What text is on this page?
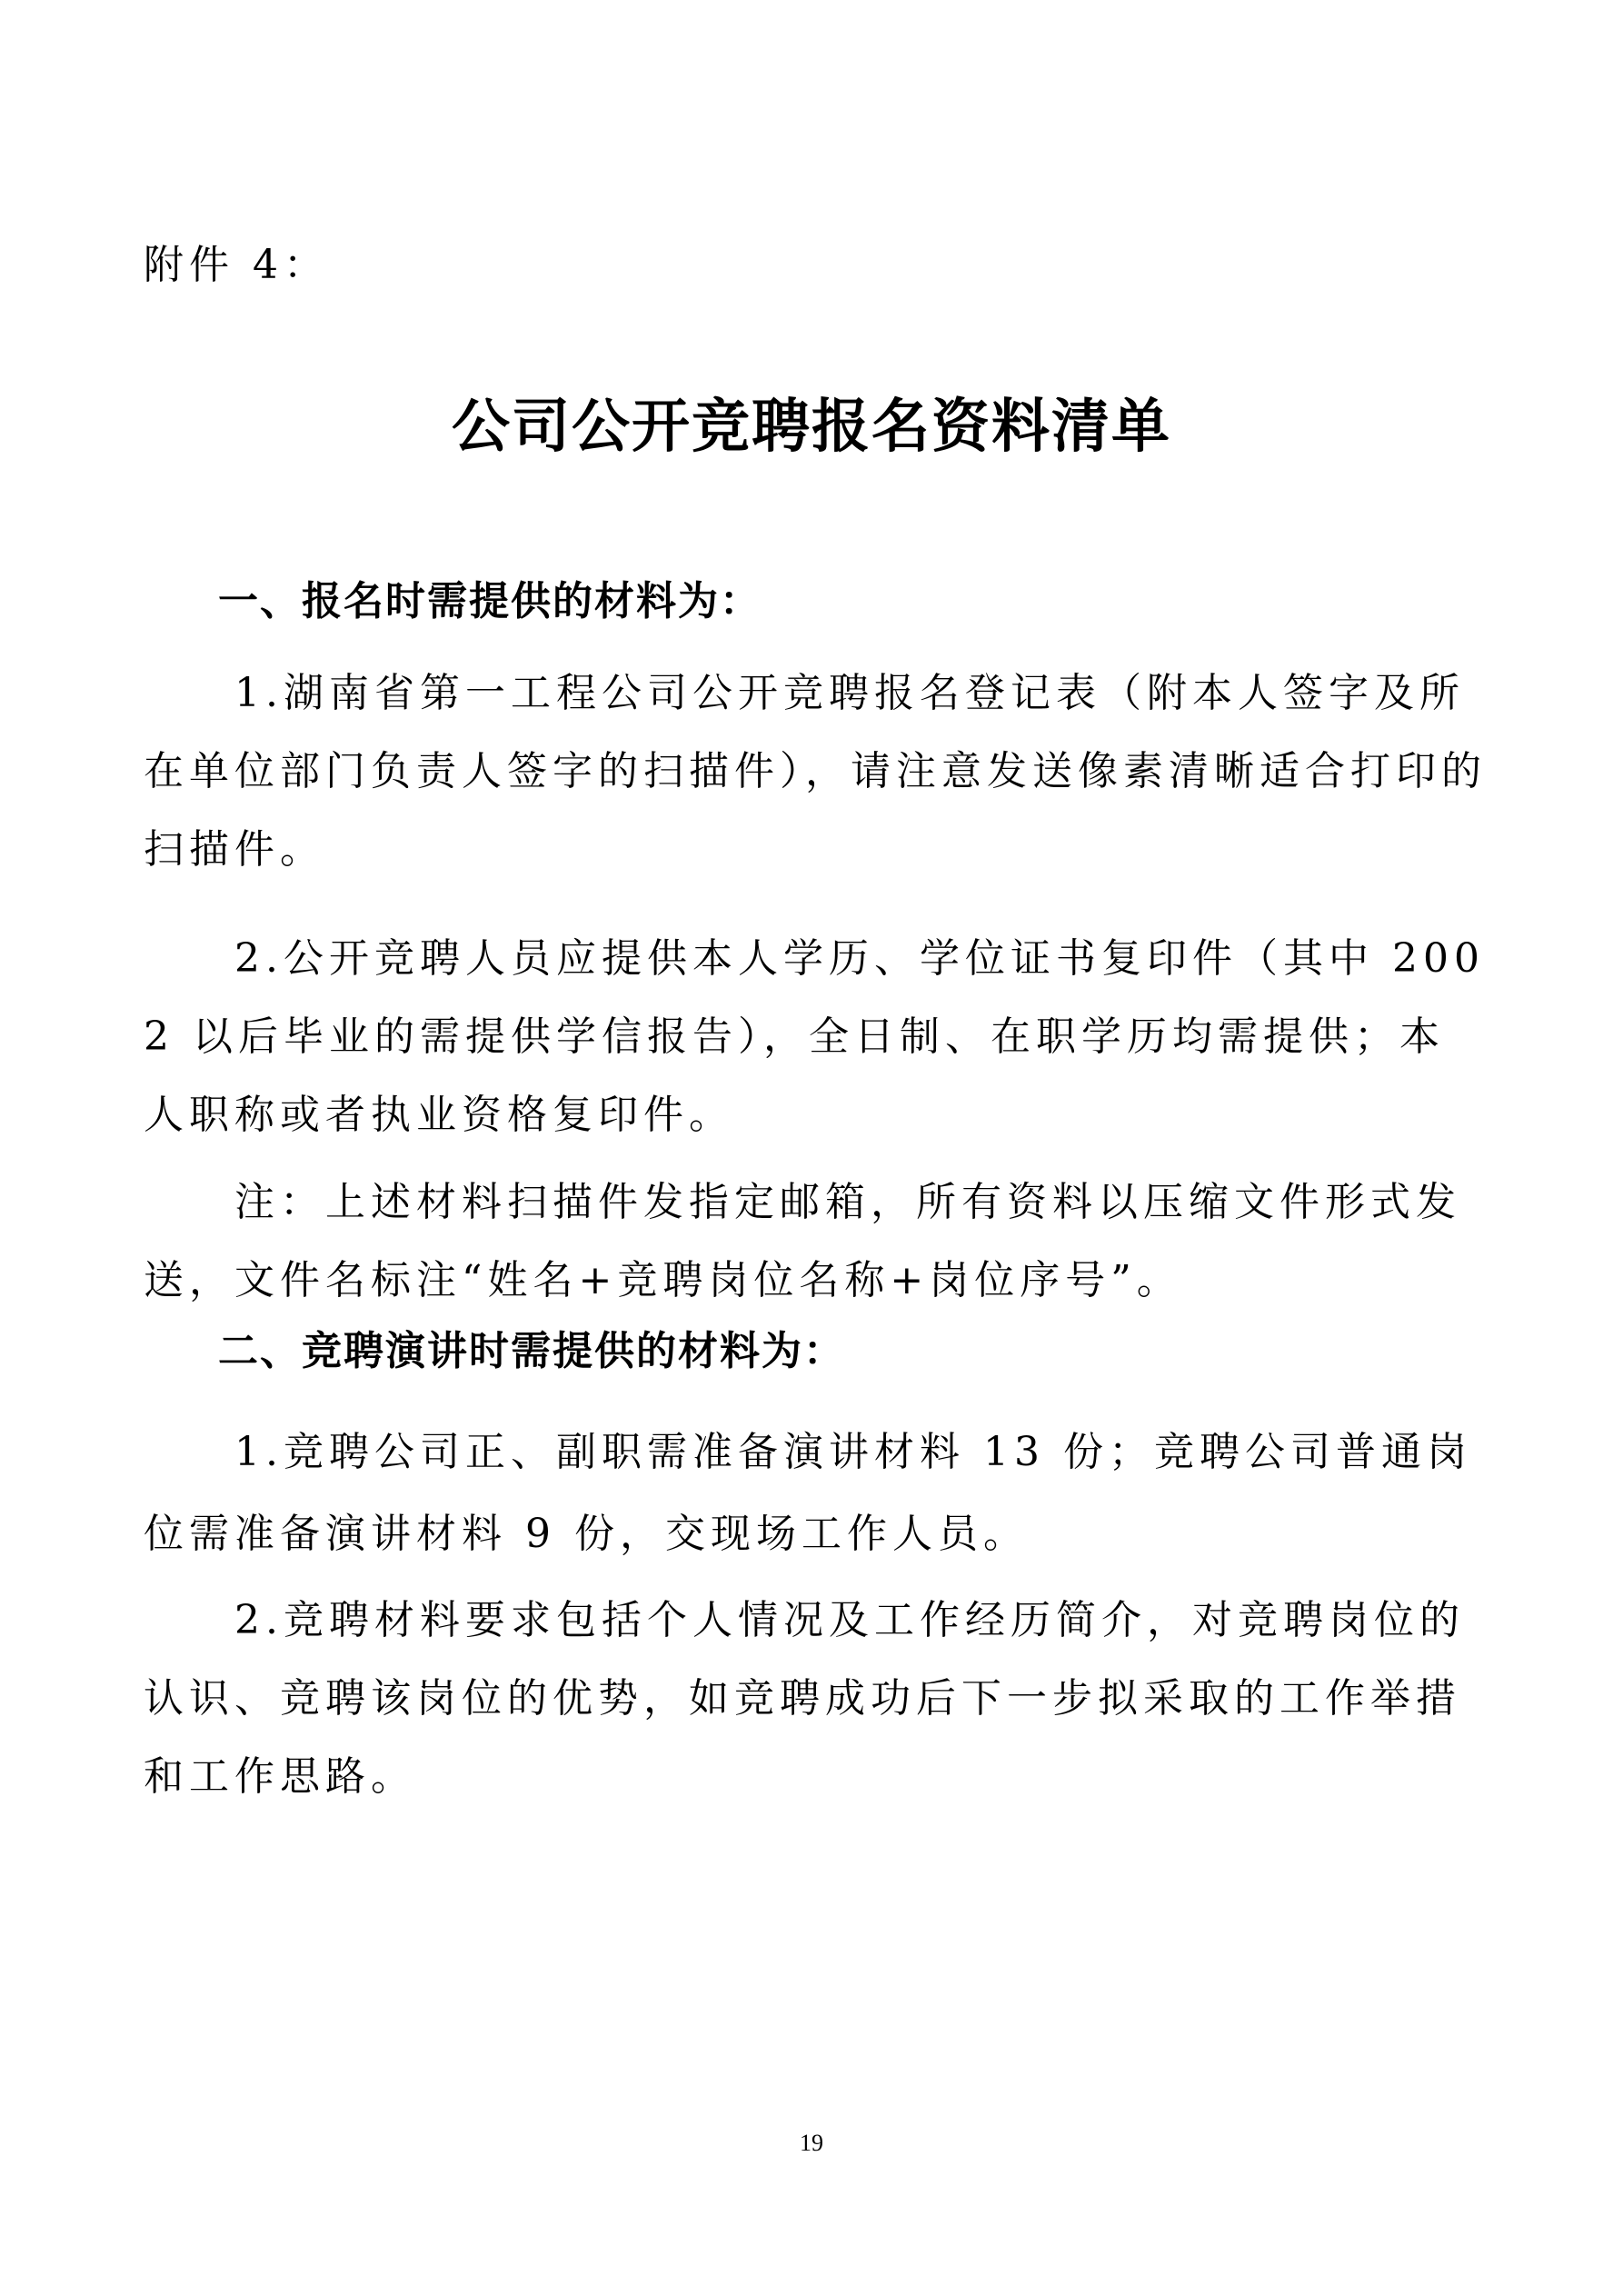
附件 4：
公司公开竞聘报名资料清单
一、报名时需提供的材料为：
1.湖南省第一工程公司公开竞聘报名登记表（附本人签字及所在单位部门负责人签字的扫描件），请注意发送像素清晰适合打印的扫描件。
2.公开竞聘人员应提供本人学历、学位证书复印件（其中 2002 以后毕业的需提供学信报告），全日制、在职学历均需提供；本人职称或者执业资格复印件。
注：上述材料扫描件发指定邮箱，所有资料以压缩文件形式发送，文件名标注“姓名+竞聘岗位名称+岗位序号”。
二、竞聘演讲时需提供的材料为：
1.竞聘公司正、副职需准备演讲材料 13 份；竞聘公司普通岗位需准备演讲材料 9 份，交现场工作人员。
2.竞聘材料要求包括个人情况及工作经历简介，对竞聘岗位的认识、竞聘该岗位的优势，如竞聘成功后下一步拟采取的工作举措和工作思路。
19
